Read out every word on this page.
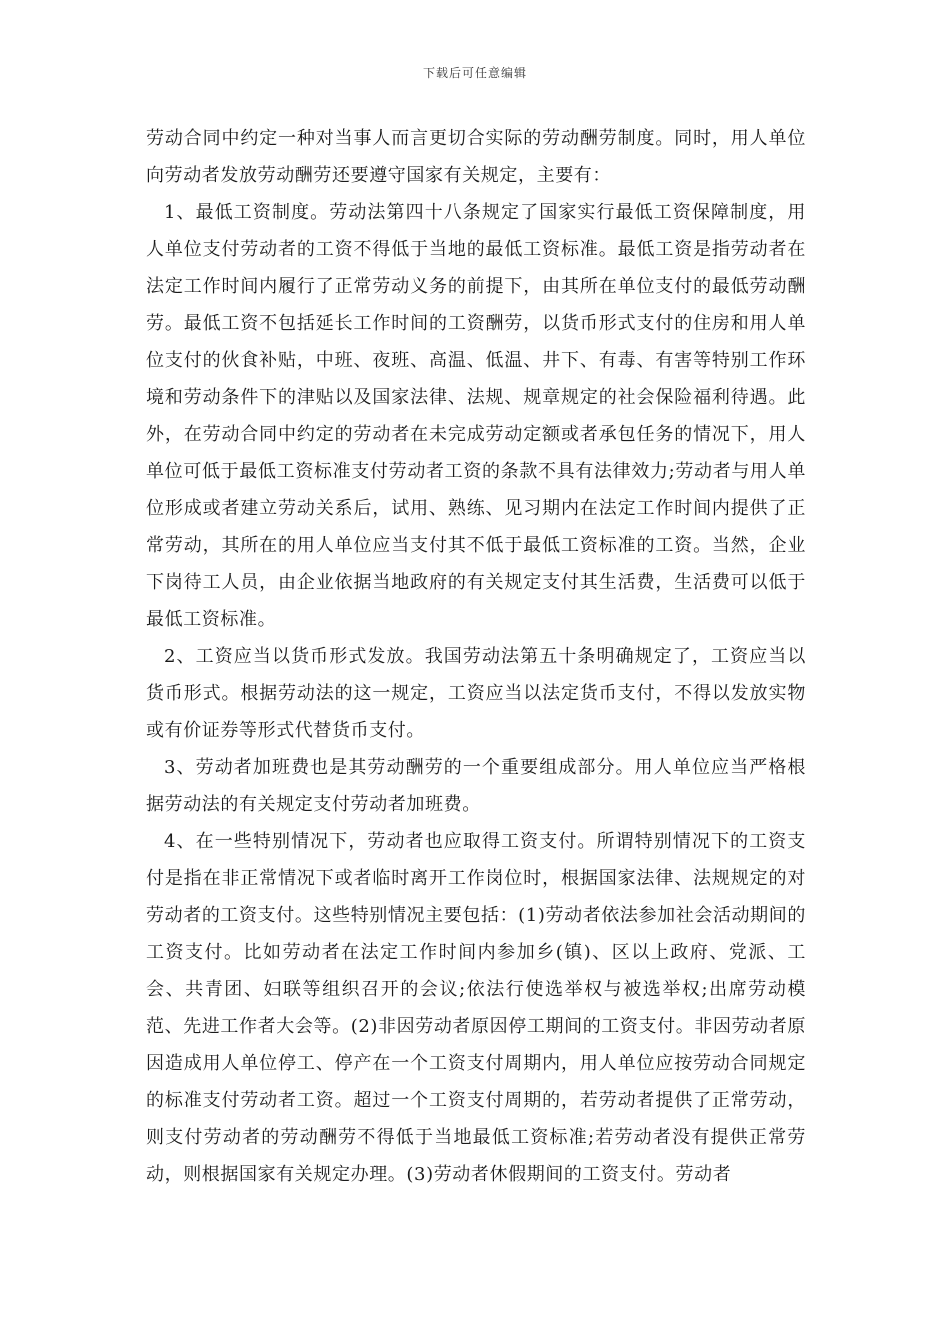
下载后可任意编辑

劳动合同中约定一种对当事人而言更切合实际的劳动酬劳制度。同时，用人单位向劳动者发放劳动酬劳还要遵守国家有关规定，主要有：

1、最低工资制度。劳动法第四十八条规定了国家实行最低工资保障制度，用人单位支付劳动者的工资不得低于当地的最低工资标准。最低工资是指劳动者在法定工作时间内履行了正常劳动义务的前提下，由其所在单位支付的最低劳动酬劳。最低工资不包括延长工作时间的工资酬劳，以货币形式支付的住房和用人单位支付的伙食补贴，中班、夜班、高温、低温、井下、有毒、有害等特别工作环境和劳动条件下的津贴以及国家法律、法规、规章规定的社会保险福利待遇。此外，在劳动合同中约定的劳动者在未完成劳动定额或者承包任务的情况下，用人单位可低于最低工资标准支付劳动者工资的条款不具有法律效力;劳动者与用人单位形成或者建立劳动关系后，试用、熟练、见习期内在法定工作时间内提供了正常劳动，其所在的用人单位应当支付其不低于最低工资标准的工资。当然，企业下岗待工人员，由企业依据当地政府的有关规定支付其生活费，生活费可以低于最低工资标准。

2、工资应当以货币形式发放。我国劳动法第五十条明确规定了，工资应当以货币形式。根据劳动法的这一规定，工资应当以法定货币支付，不得以发放实物或有价证券等形式代替货币支付。

3、劳动者加班费也是其劳动酬劳的一个重要组成部分。用人单位应当严格根据劳动法的有关规定支付劳动者加班费。

4、在一些特别情况下，劳动者也应取得工资支付。所谓特别情况下的工资支付是指在非正常情况下或者临时离开工作岗位时，根据国家法律、法规规定的对劳动者的工资支付。这些特别情况主要包括：(1)劳动者依法参加社会活动期间的工资支付。比如劳动者在法定工作时间内参加乡(镇)、区以上政府、党派、工会、共青团、妇联等组织召开的会议;依法行使选举权与被选举权;出席劳动模范、先进工作者大会等。(2)非因劳动者原因停工期间的工资支付。非因劳动者原因造成用人单位停工、停产在一个工资支付周期内，用人单位应按劳动合同规定的标准支付劳动者工资。超过一个工资支付周期的，若劳动者提供了正常劳动，则支付劳动者的劳动酬劳不得低于当地最低工资标准;若劳动者没有提供正常劳动，则根据国家有关规定办理。(3)劳动者休假期间的工资支付。劳动者
